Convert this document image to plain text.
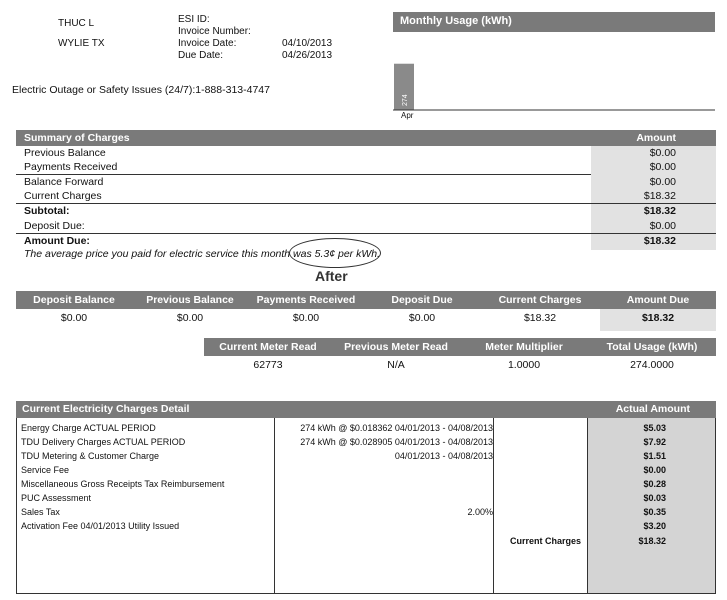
THUC L
WYLIE TX
ESI ID:
Invoice Number:
Invoice Date:	04/10/2013
Due Date:	04/26/2013
Electric Outage or Safety Issues (24/7):1-888-313-4747
Monthly Usage (kWh)
274
Apr
Summary of Charges	Amount
Previous Balance	$0.00
Payments Received	$0.00
Balance Forward	$0.00
Current Charges	$18.32
Subtotal:	$18.32
Deposit Due:	$0.00
Amount Due:	$18.32
The average price you paid for electric service this month was 5.3¢ per kWh.
After
Deposit Balance	Previous Balance	Payments Received	Deposit Due	Current Charges	Amount Due
$0.00	$0.00	$0.00	$0.00	$18.32	$18.32
Current Meter Read	Previous Meter Read	Meter Multiplier	Total Usage (kWh)
62773	N/A	1.0000	274.0000
Current Electricity Charges Detail	Actual Amount
Energy Charge ACTUAL PERIOD	274 kWh @ $0.018362 04/01/2013 - 04/08/2013	$5.03
TDU Delivery Charges ACTUAL PERIOD	274 kWh @ $0.028905 04/01/2013 - 04/08/2013	$7.92
TDU Metering & Customer Charge	04/01/2013 - 04/08/2013	$1.51
Service Fee	$0.00
Miscellaneous Gross Receipts Tax Reimbursement	$0.28
PUC Assessment	$0.03
Sales Tax	2.00%	$0.35
Activation Fee 04/01/2013 Utility Issued	$3.20
Current Charges	$18.32
